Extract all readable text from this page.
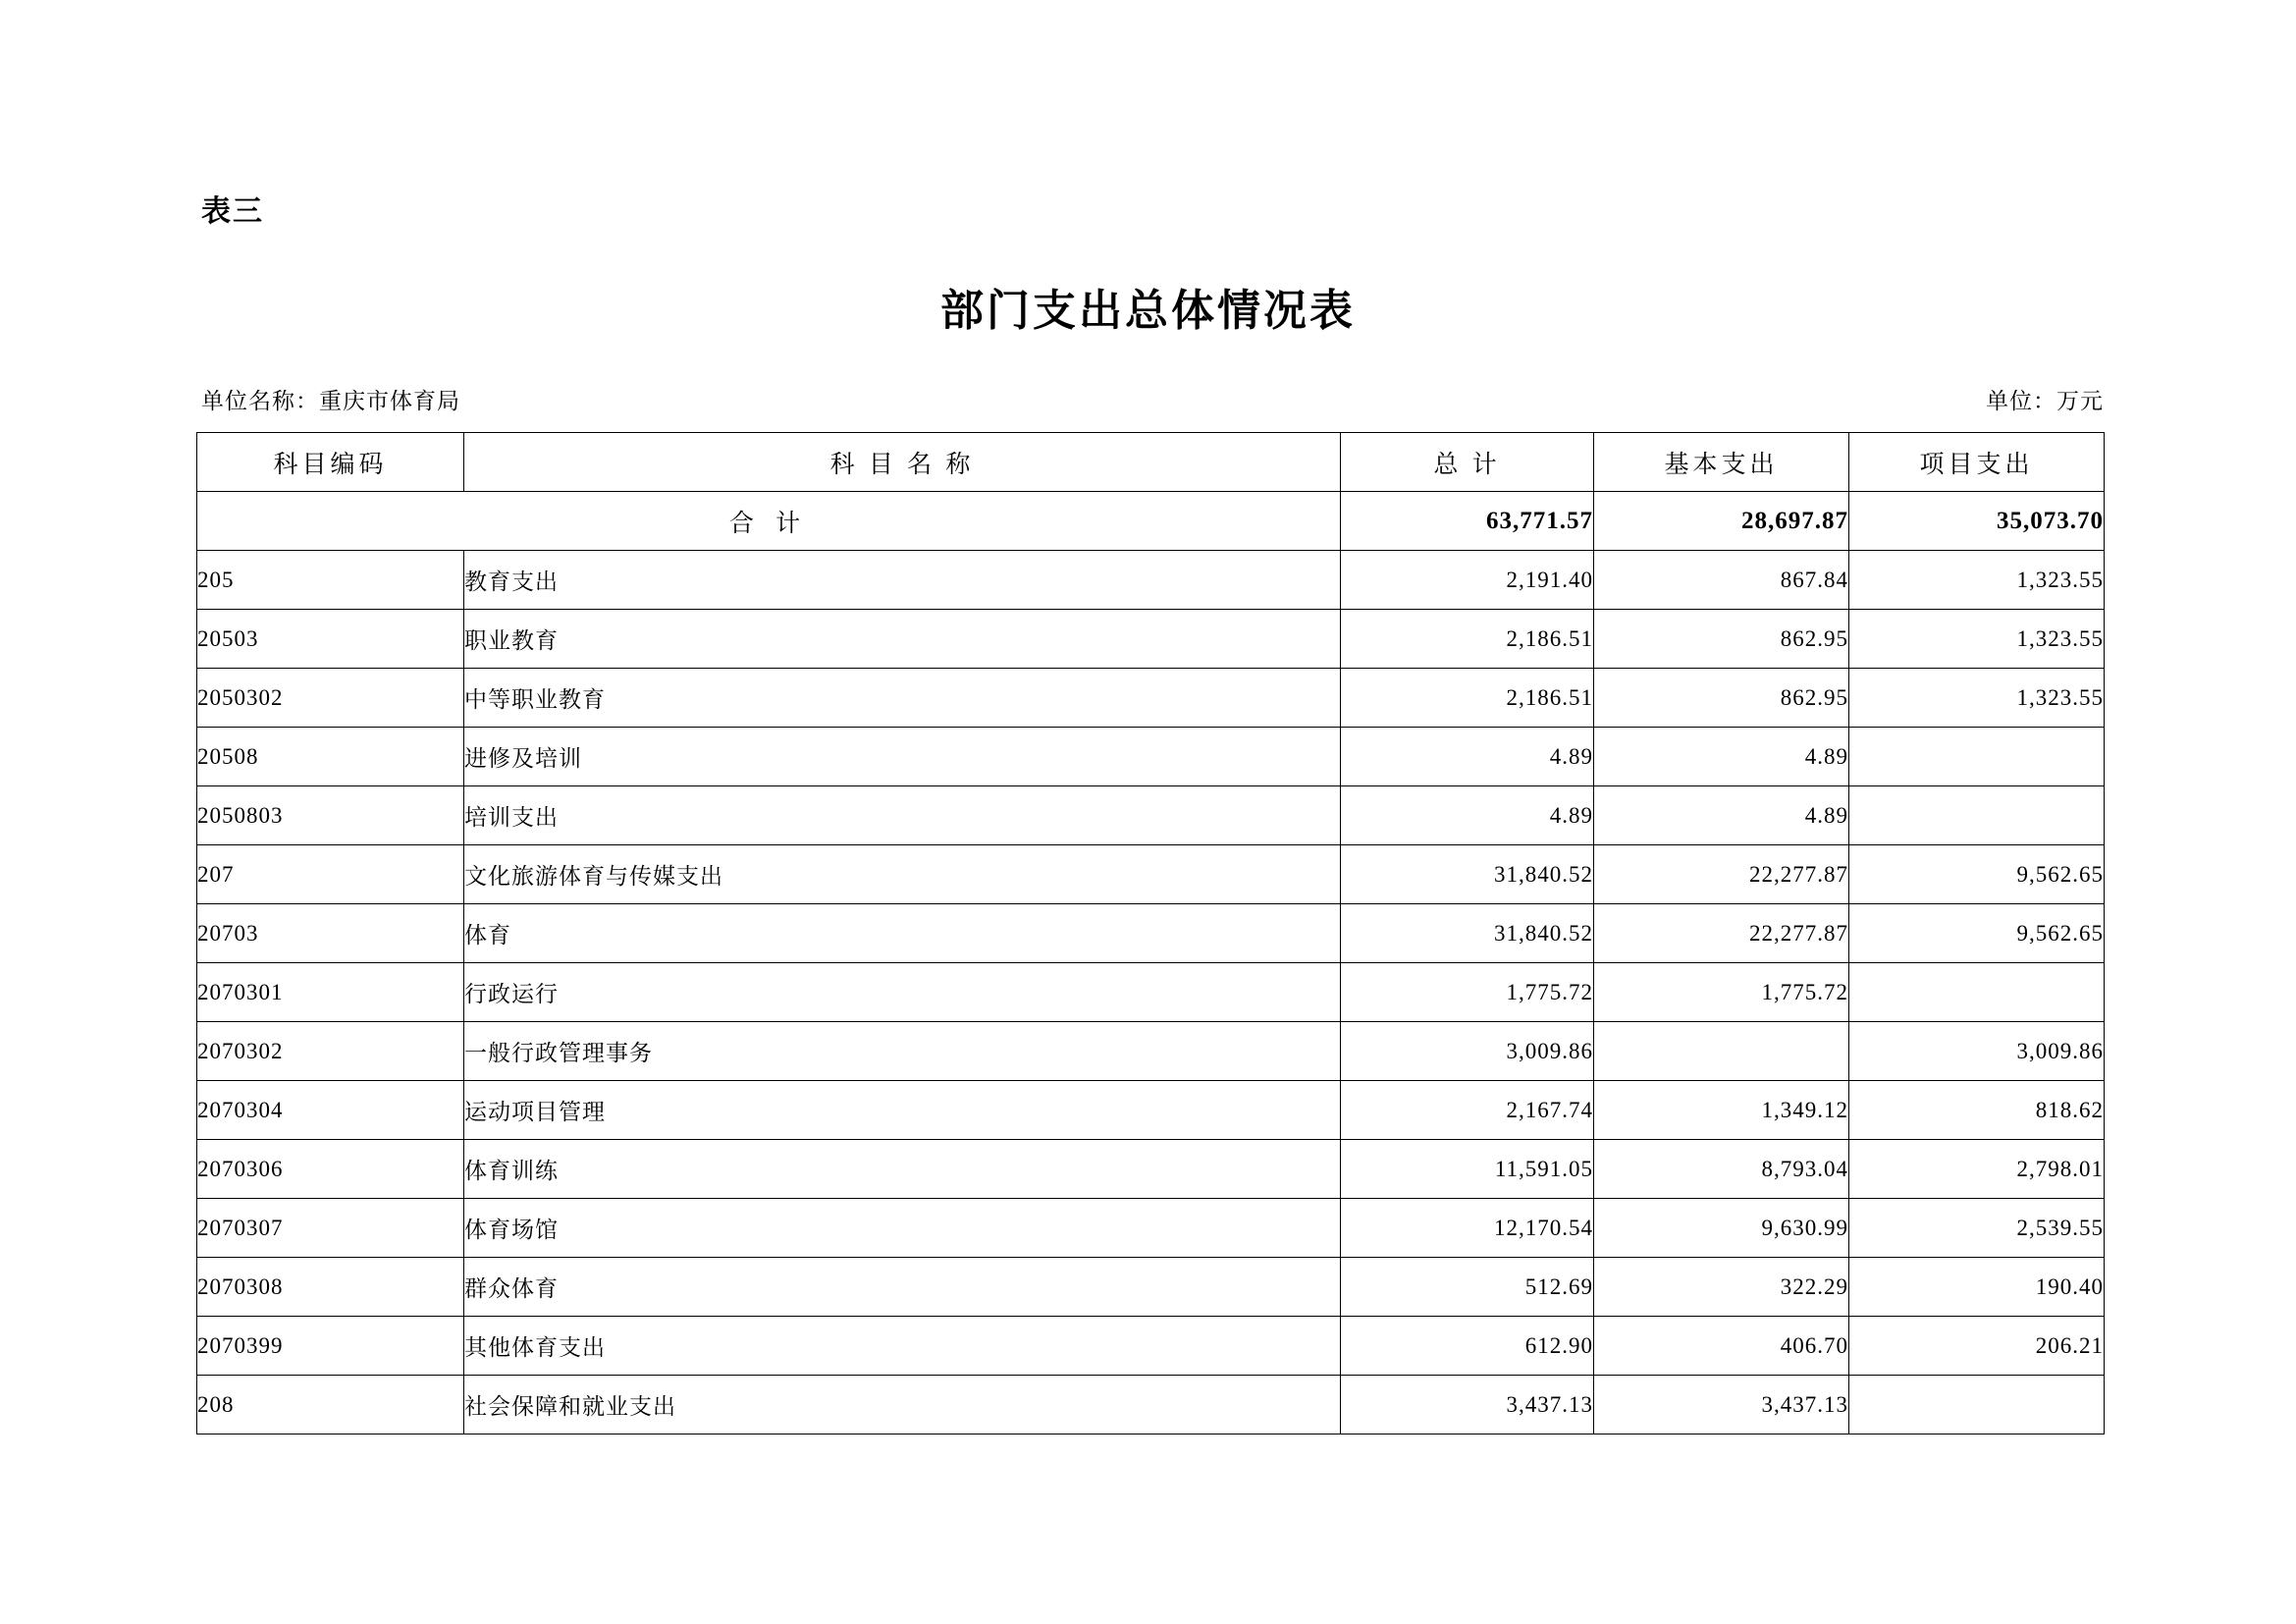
表三
部门支出总体情况表
单位名称：重庆市体育局	单位：万元
科目编码	科 目 名 称	总 计	基本支出	项目支出
合 计		63,771.57	28,697.87	35,073.70
205	教育支出	2,191.40	867.84	1,323.55
20503	职业教育	2,186.51	862.95	1,323.55
2050302	中等职业教育	2,186.51	862.95	1,323.55
20508	进修及培训	4.89	4.89	
2050803	培训支出	4.89	4.89	
207	文化旅游体育与传媒支出	31,840.52	22,277.87	9,562.65
20703	体育	31,840.52	22,277.87	9,562.65
2070301	行政运行	1,775.72	1,775.72	
2070302	一般行政管理事务	3,009.86		3,009.86
2070304	运动项目管理	2,167.74	1,349.12	818.62
2070306	体育训练	11,591.05	8,793.04	2,798.01
2070307	体育场馆	12,170.54	9,630.99	2,539.55
2070308	群众体育	512.69	322.29	190.40
2070399	其他体育支出	612.90	406.70	206.21
208	社会保障和就业支出	3,437.13	3,437.13	
